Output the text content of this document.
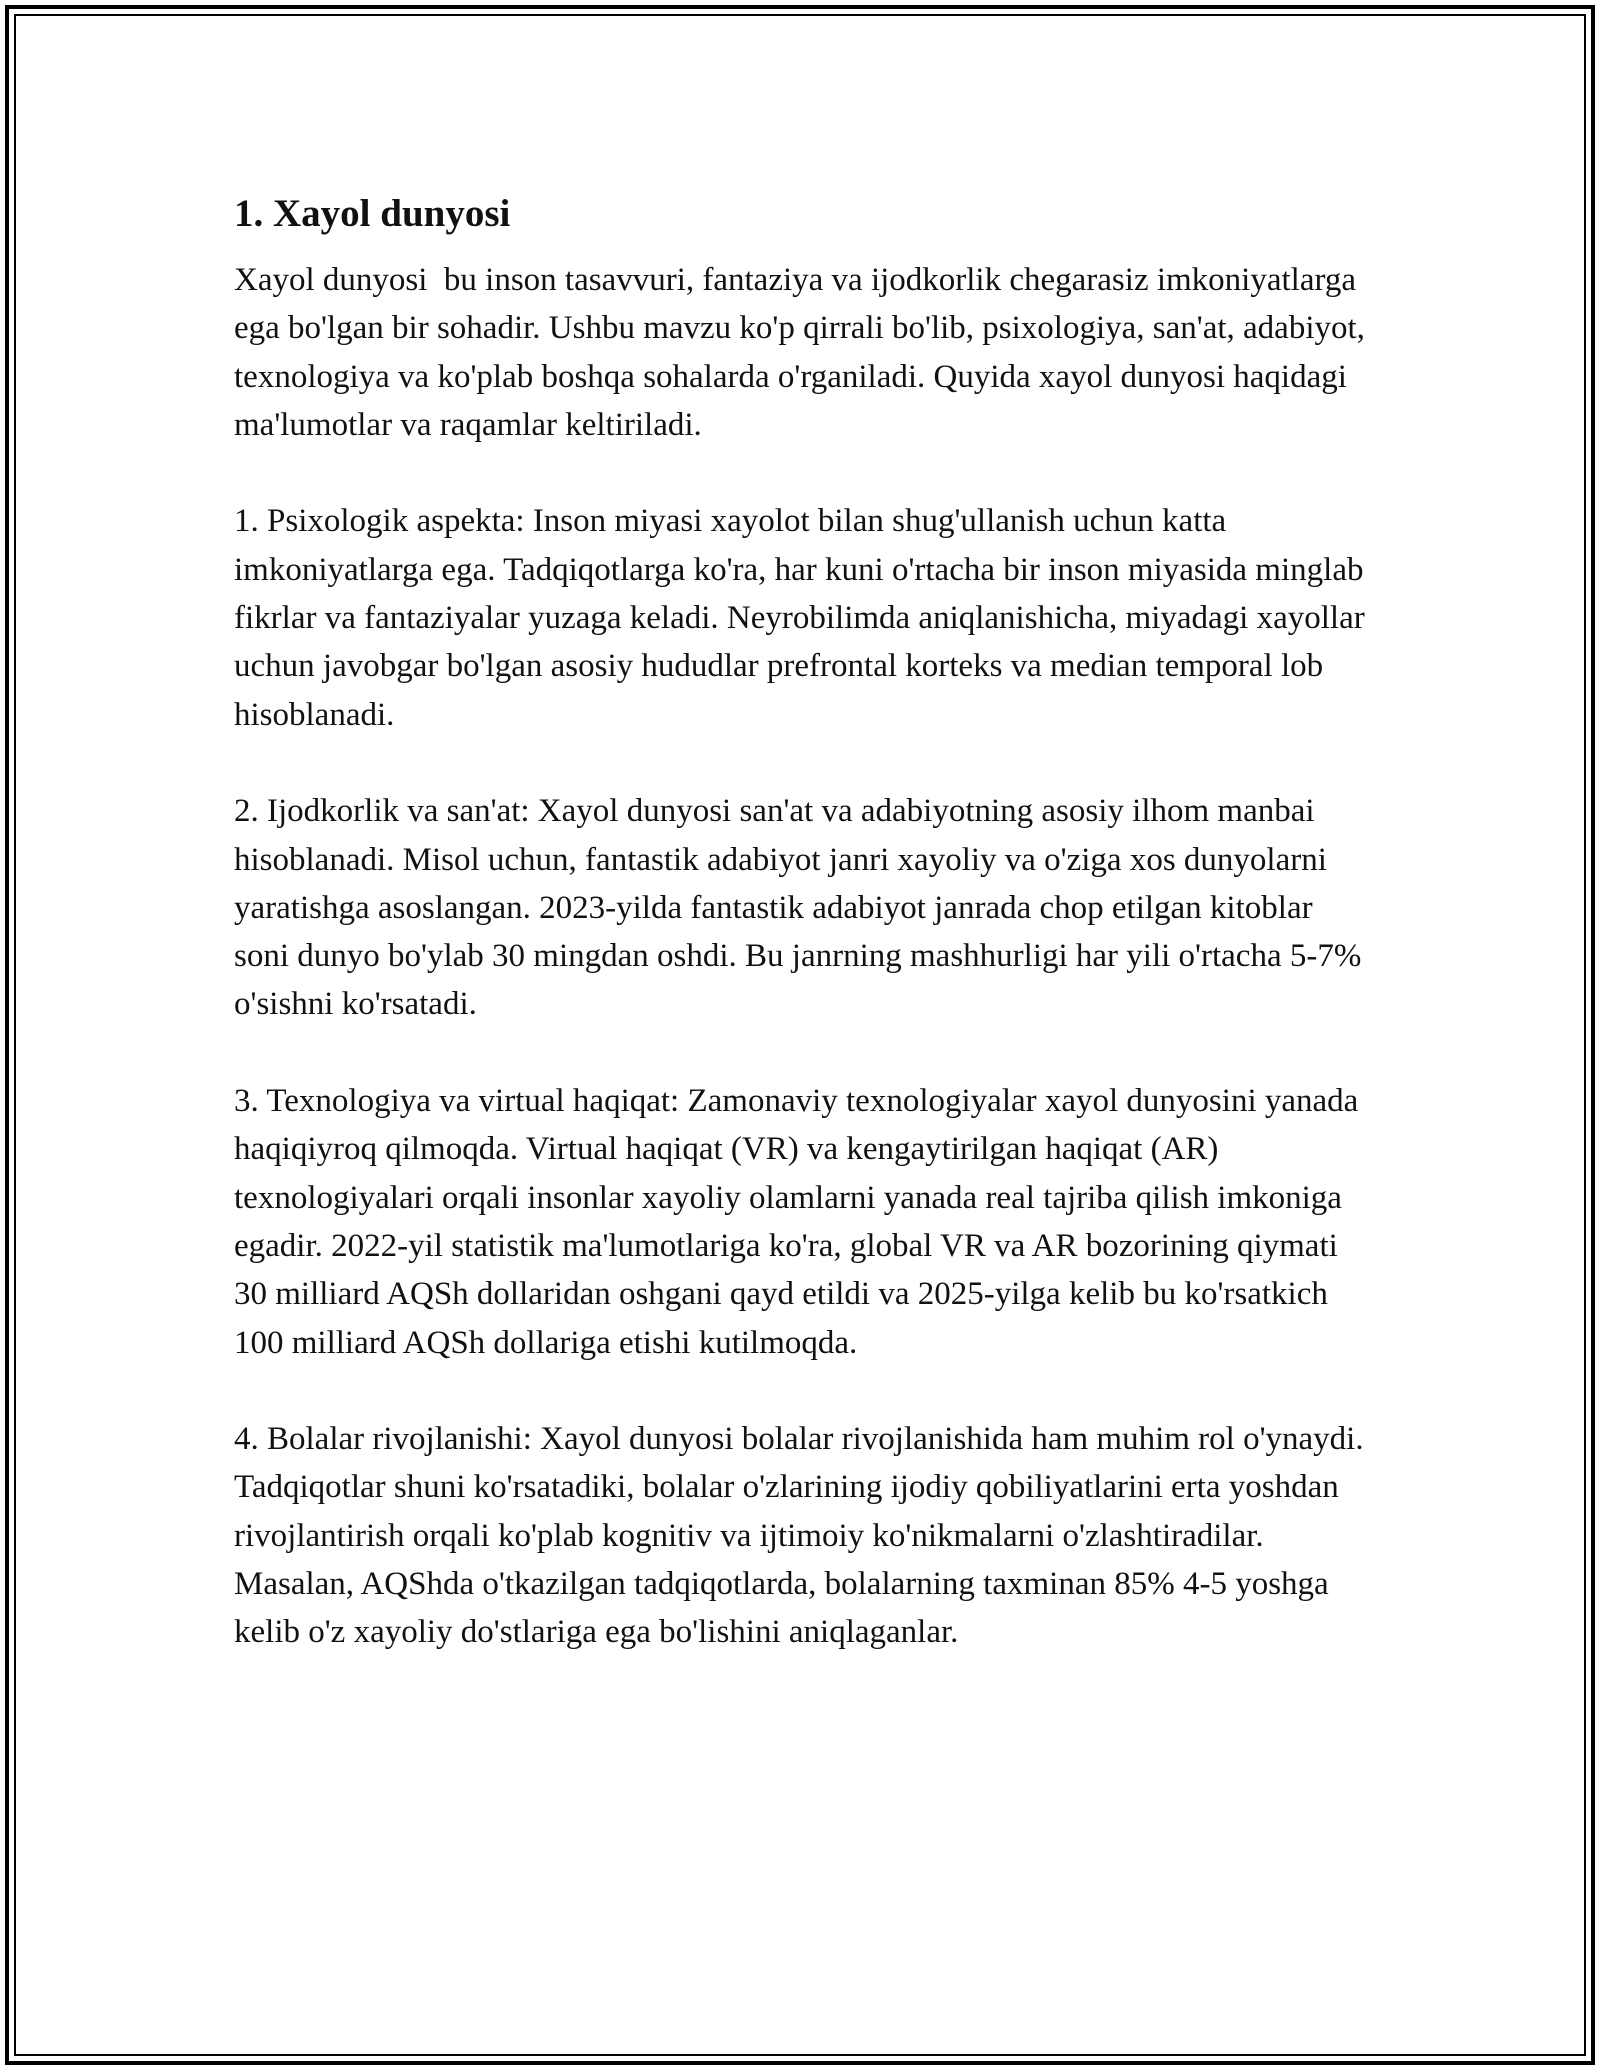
1. Xayol dunyosi

Xayol dunyosi  bu inson tasavvuri, fantaziya va ijodkorlik chegarasiz imkoniyatlarga ega bo'lgan bir sohadir. Ushbu mavzu ko'p qirrali bo'lib, psixologiya, san'at, adabiyot, texnologiya va ko'plab boshqa sohalarda o'rganiladi. Quyida xayol dunyosi haqidagi ma'lumotlar va raqamlar keltiriladi.

1. Psixologik aspekta: Inson miyasi xayolot bilan shug'ullanish uchun katta imkoniyatlarga ega. Tadqiqotlarga ko'ra, har kuni o'rtacha bir inson miyasida minglab fikrlar va fantaziyalar yuzaga keladi. Neyrobilimda aniqlanishicha, miyadagi xayollar uchun javobgar bo'lgan asosiy hududlar prefrontal korteks va median temporal lob hisoblanadi.

2. Ijodkorlik va san'at: Xayol dunyosi san'at va adabiyotning asosiy ilhom manbai hisoblanadi. Misol uchun, fantastik adabiyot janri xayoliy va o'ziga xos dunyolarni yaratishga asoslangan. 2023-yilda fantastik adabiyot janrada chop etilgan kitoblar soni dunyo bo'ylab 30 mingdan oshdi. Bu janrning mashhurligi har yili o'rtacha 5-7% o'sishni ko'rsatadi.

3. Texnologiya va virtual haqiqat: Zamonaviy texnologiyalar xayol dunyosini yanada haqiqiyroq qilmoqda. Virtual haqiqat (VR) va kengaytirilgan haqiqat (AR) texnologiyalari orqali insonlar xayoliy olamlarni yanada real tajriba qilish imkoniga egadir. 2022-yil statistik ma'lumotlariga ko'ra, global VR va AR bozorining qiymati 30 milliard AQSh dollaridan oshgani qayd etildi va 2025-yilga kelib bu ko'rsatkich 100 milliard AQSh dollariga etishi kutilmoqda.

4. Bolalar rivojlanishi: Xayol dunyosi bolalar rivojlanishida ham muhim rol o'ynaydi. Tadqiqotlar shuni ko'rsatadiki, bolalar o'zlarining ijodiy qobiliyatlarini erta yoshdan rivojlantirish orqali ko'plab kognitiv va ijtimoiy ko'nikmalarni o'zlashtiradilar. Masalan, AQShda o'tkazilgan tadqiqotlarda, bolalarning taxminan 85% 4-5 yoshga kelib o'z xayoliy do'stlariga ega bo'lishini aniqlaganlar.
